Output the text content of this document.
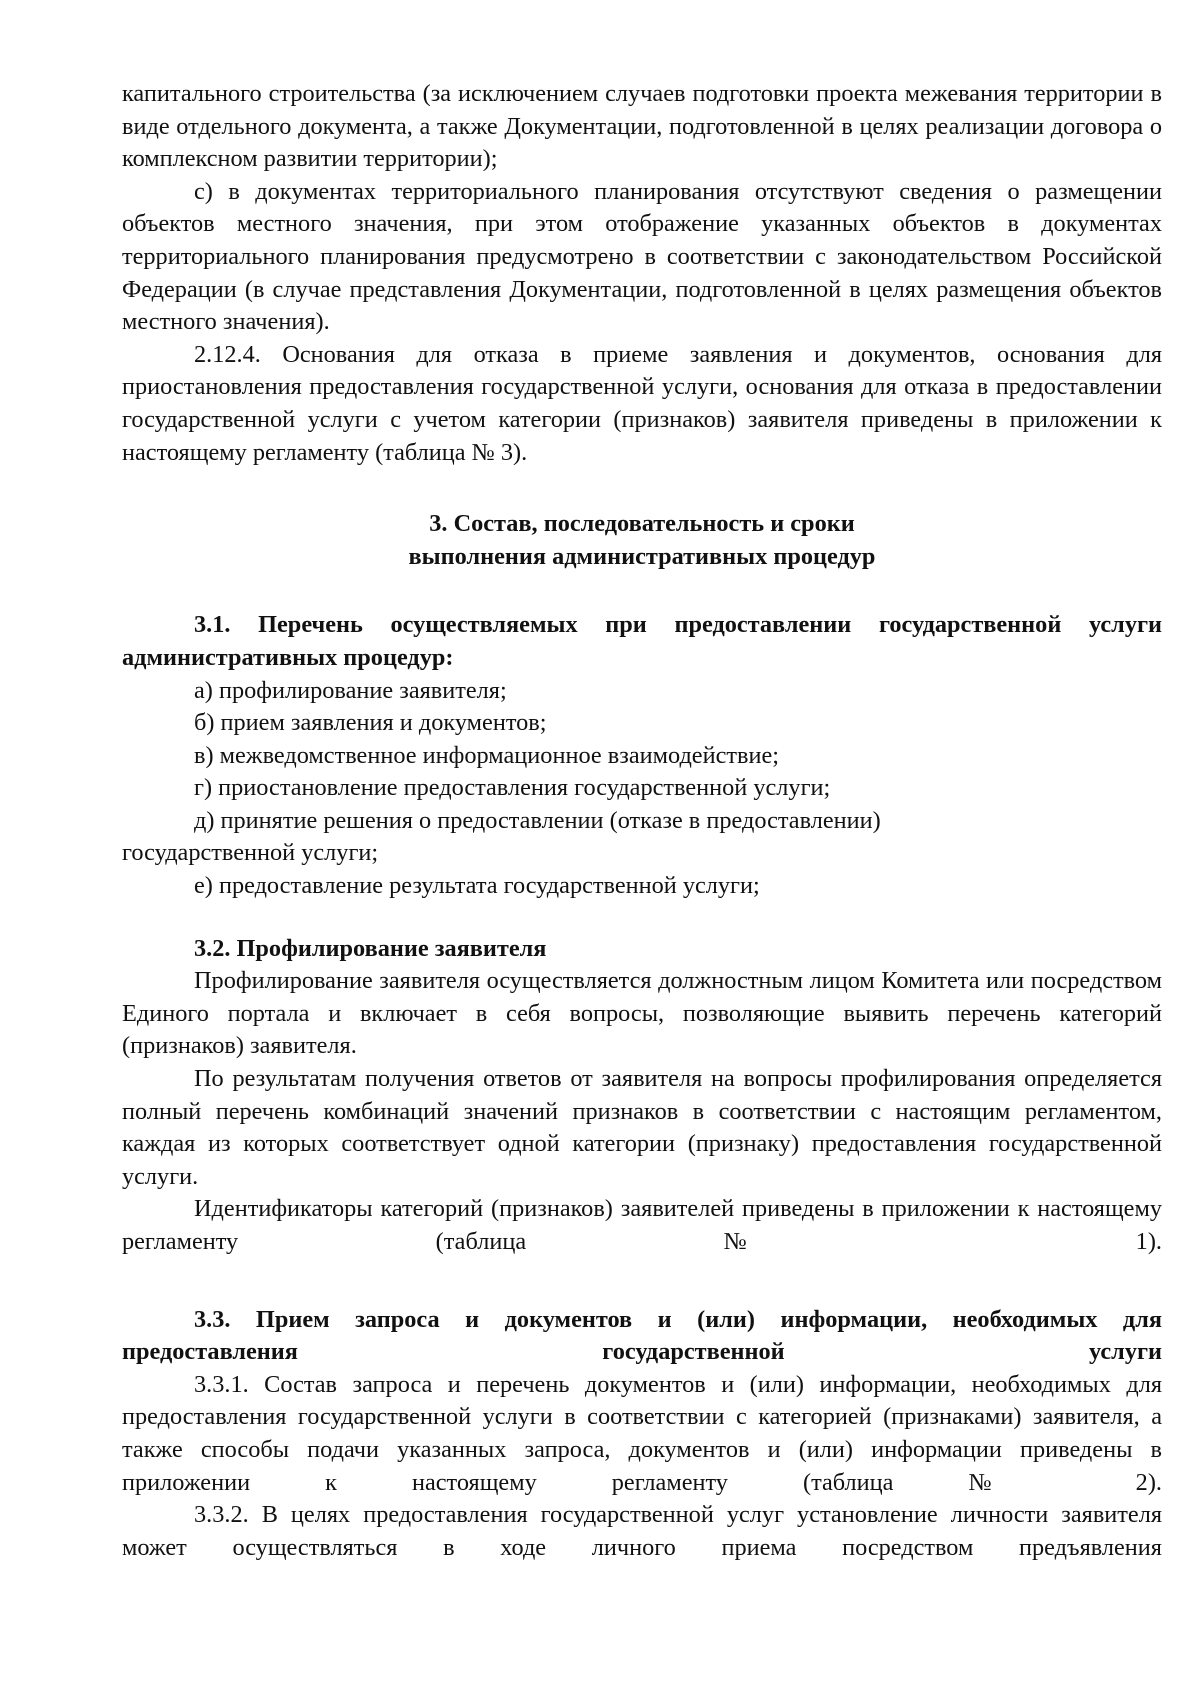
капитального строительства (за исключением случаев подготовки проекта межевания территории в виде отдельного документа, а также Документации, подготовленной в целях реализации договора о комплексном развитии территории);

c) в документах территориального планирования отсутствуют сведения о размещении объектов местного значения, при этом отображение указанных объектов в документах территориального планирования предусмотрено в соответствии с законодательством Российской Федерации (в случае представления Документации, подготовленной в целях размещения объектов местного значения).

2.12.4. Основания для отказа в приеме заявления и документов, основания для приостановления предоставления государственной услуги, основания для отказа в предоставлении государственной услуги с учетом категории (признаков) заявителя приведены в приложении к настоящему регламенту (таблица № 3).

3. Состав, последовательность и сроки

выполнения административных процедур

3.1. Перечень осуществляемых при предоставлении государственной услуги административных процедур:

а) профилирование заявителя;

б) прием заявления и документов;

в) межведомственное информационное взаимодействие;

г) приостановление предоставления государственной услуги;

д) принятие решения о предоставлении (отказе в предоставлении)

государственной услуги;

е) предоставление результата государственной услуги;

3.2. Профилирование заявителя

Профилирование заявителя осуществляется должностным лицом Комитета или посредством Единого портала и включает в себя вопросы, позволяющие выявить перечень категорий (признаков) заявителя.

По результатам получения ответов от заявителя на вопросы профилирования определяется полный перечень комбинаций значений признаков в соответствии с настоящим регламентом, каждая из которых соответствует одной категории (признаку) предоставления государственной услуги.

Идентификаторы категорий (признаков) заявителей приведены в приложении к настоящему регламенту (таблица № 1).

3.3. Прием запроса и документов и (или) информации, необходимых для предоставления государственной услуги

3.3.1. Состав запроса и перечень документов и (или) информации, необходимых для предоставления государственной услуги в соответствии с категорией (признаками) заявителя, а также способы подачи указанных запроса, документов и (или) информации приведены в приложении к настоящему регламенту (таблица № 2).

3.3.2. В целях предоставления государственной услуг установление личности заявителя может осуществляться в ходе личного приема посредством предъявления
